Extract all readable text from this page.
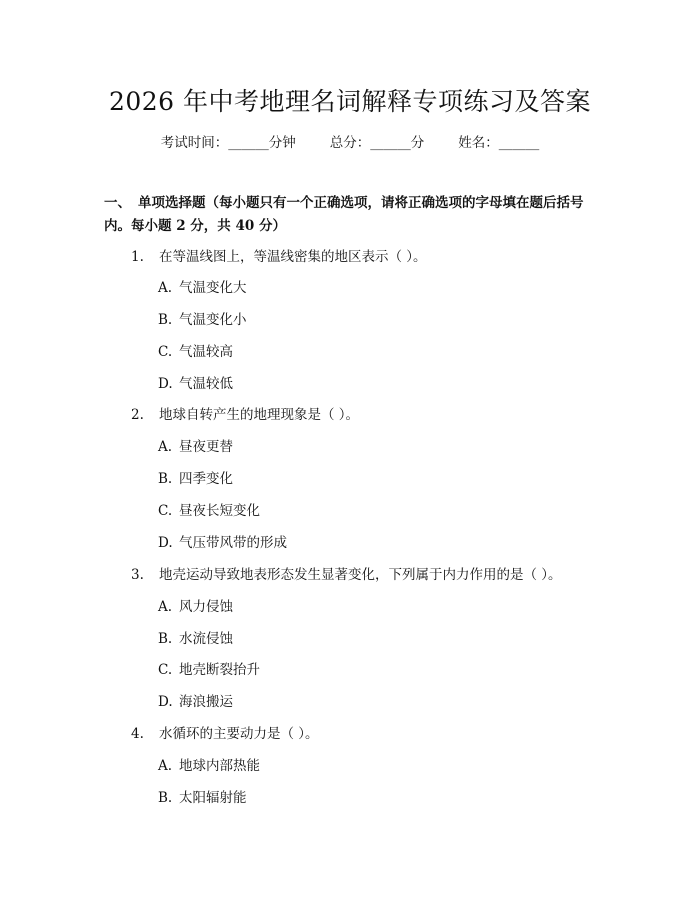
2026 年中考地理名词解释专项练习及答案
考试时间：______分钟	总分：______分	姓名：______
一、 单项选择题（每小题只有一个正确选项，请将正确选项的字母填在题后括号
内。每小题 2 分，共 40 分）
1. 在等温线图上，等温线密集的地区表示（ ）。
A. 气温变化大
B. 气温变化小
C. 气温较高
D. 气温较低
2. 地球自转产生的地理现象是（ ）。
A. 昼夜更替
B. 四季变化
C. 昼夜长短变化
D. 气压带风带的形成
3. 地壳运动导致地表形态发生显著变化，下列属于内力作用的是（ ）。
A. 风力侵蚀
B. 水流侵蚀
C. 地壳断裂抬升
D. 海浪搬运
4. 水循环的主要动力是（ ）。
A. 地球内部热能
B. 太阳辐射能
